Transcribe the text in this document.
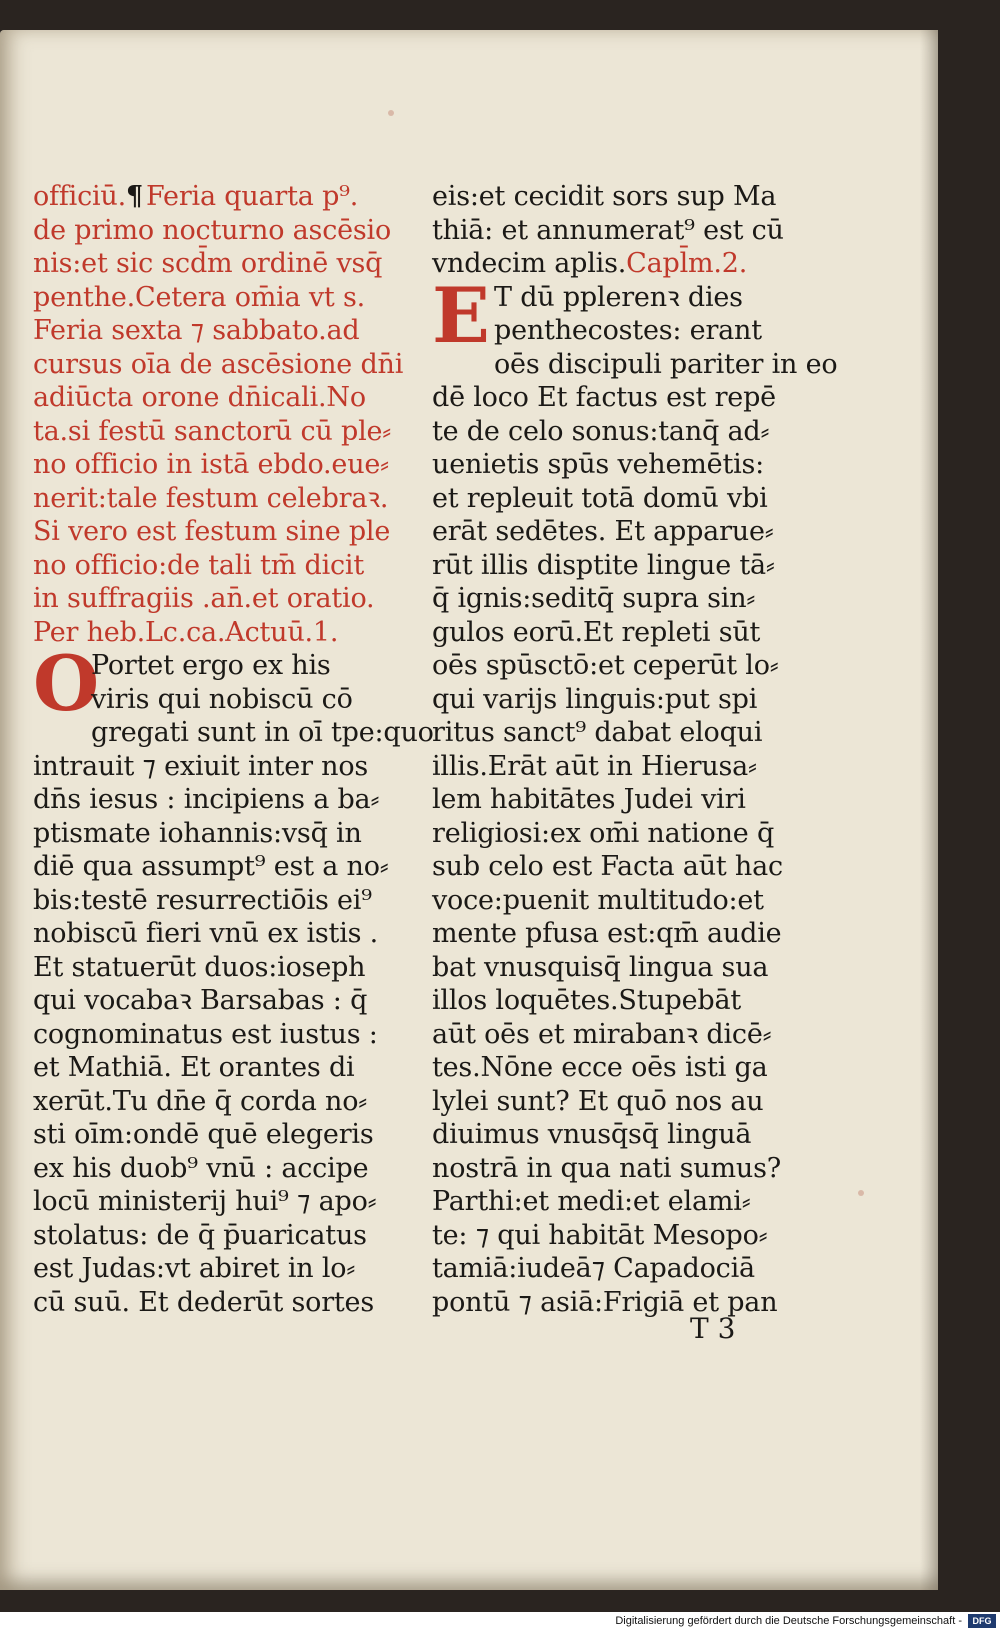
officiū.¶ Feria quarta p⁹.
de primo nocturno ascēsio
nis:et sic scd̄m ordinē vsq̄
penthe.Cetera om̄ia vt s.
Feria sexta ⁊ sabbato.ad
cursus oīa de ascēsione dn̄i
adiūcta orone dn̄icali.No
ta.si festū sanctorū cū ple⸗
no officio in istā ebdo.eue⸗
nerit:tale festum celebraꝛ.
Si vero est festum sine ple
no officio:de tali tm̄ dicit
in suffragiis .an̄.et oratio.
Per heb.Lc.ca.Actuū.1.
O
Portet ergo ex his
viris qui nobiscū cō
gregati sunt in oī tpe:quo
intrauit ⁊ exiuit inter nos
dn̄s iesus : incipiens a ba⸗
ptismate iohannis:vsq̄ in
diē qua assumpt⁹ est a no⸗
bis:testē resurrectiōis ei⁹
nobiscū fieri vnū ex istis .
Et statuerūt duos:ioseph
qui vocabaꝛ Barsabas : q̄
cognominatus est iustus :
et Mathiā. Et orantes di
xerūt.Tu dn̄e q̄ corda no⸗
sti oīm:ondē quē elegeris
ex his duob⁹ vnū : accipe
locū ministerij hui⁹ ⁊ apo⸗
stolatus: de q̄ p̄uaricatus
est Judas:vt abiret in lo⸗
cū suū. Et dederūt sortes
eis:et cecidit sors sup Ma
thiā: et annumerat⁹ est cū
vndecim aplis.Capl̄m.2.
E T dū pplerenꝛ dies
penthecostes: erant
oēs discipuli pariter in eo
dē loco Et factus est repē
te de celo sonus:tanq̄ ad⸗
uenietis spūs vehemētis:
et repleuit totā domū vbi
erāt sedētes. Et apparue⸗
rūt illis disptite lingue tā⸗
q̄ ignis:seditq̄ supra sin⸗
gulos eorū.Et repleti sūt
oēs spūsctō:et ceperūt lo⸗
qui varijs linguis:put spi
ritus sanct⁹ dabat eloqui
illis.Erāt aūt in Hierusa⸗
lem habitātes Judei viri
religiosi:ex om̄i natione q̄
sub celo est Facta aūt hac
voce:puenit multitudo:et
mente pfusa est:qm̄ audie
bat vnusquisq̄ lingua sua
illos loquētes.Stupebāt
aūt oēs et mirabanꝛ dicē⸗
tes.Nōne ecce oēs isti ga
lylei sunt? Et quō nos au
diuimus vnusq̄sq̄ linguā
nostrā in qua nati sumus?
Parthi:et medi:et elami⸗
te: ⁊ qui habitāt Mesopo⸗
tamiā:iudeā⁊ Capadociā
pontū ⁊ asiā:Frigiā et pan
T 3
Digitalisierung gefördert durch die Deutsche Forschungsgemeinschaft -	DFG
